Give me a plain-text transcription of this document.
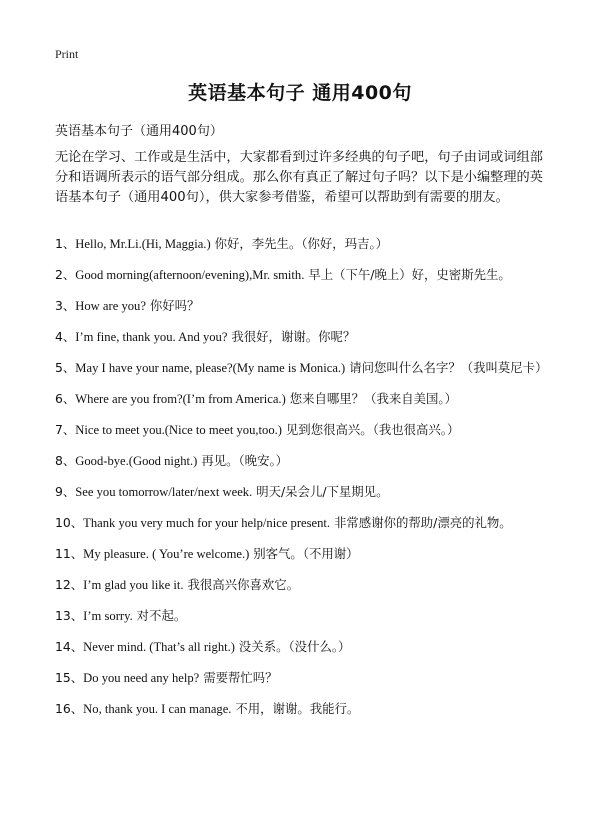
Print
英语基本句子 通用400句
英语基本句子（通用400句）
无论在学习、工作或是生活中，大家都看到过许多经典的句子吧，句子由词或词组部分和语调所表示的语气部分组成。那么你有真正了解过句子吗？以下是小编整理的英语基本句子（通用400句），供大家参考借鉴，希望可以帮助到有需要的朋友。
1、Hello, Mr.Li.(Hi, Maggia.) 你好，李先生。（你好，玛吉。）
2、Good morning(afternoon/evening),Mr. smith. 早上（下午/晚上）好，史密斯先生。
3、How are you? 你好吗？
4、I’m fine, thank you. And you? 我很好，谢谢。你呢？
5、May I have your name, please?(My name is Monica.) 请问您叫什么名字？（我叫莫尼卡）
6、Where are you from?(I’m from America.) 您来自哪里？（我来自美国。）
7、Nice to meet you.(Nice to meet you,too.) 见到您很高兴。（我也很高兴。）
8、Good-bye.(Good night.) 再见。（晚安。）
9、See you tomorrow/later/next week. 明天/呆会儿/下星期见。
10、Thank you very much for your help/nice present. 非常感谢你的帮助/漂亮的礼物。
11、My pleasure. ( You’re welcome.) 别客气。（不用谢）
12、I’m glad you like it. 我很高兴你喜欢它。
13、I’m sorry. 对不起。
14、Never mind. (That’s all right.) 没关系。（没什么。）
15、Do you need any help? 需要帮忙吗？
16、No, thank you. I can manage. 不用，谢谢。我能行。
